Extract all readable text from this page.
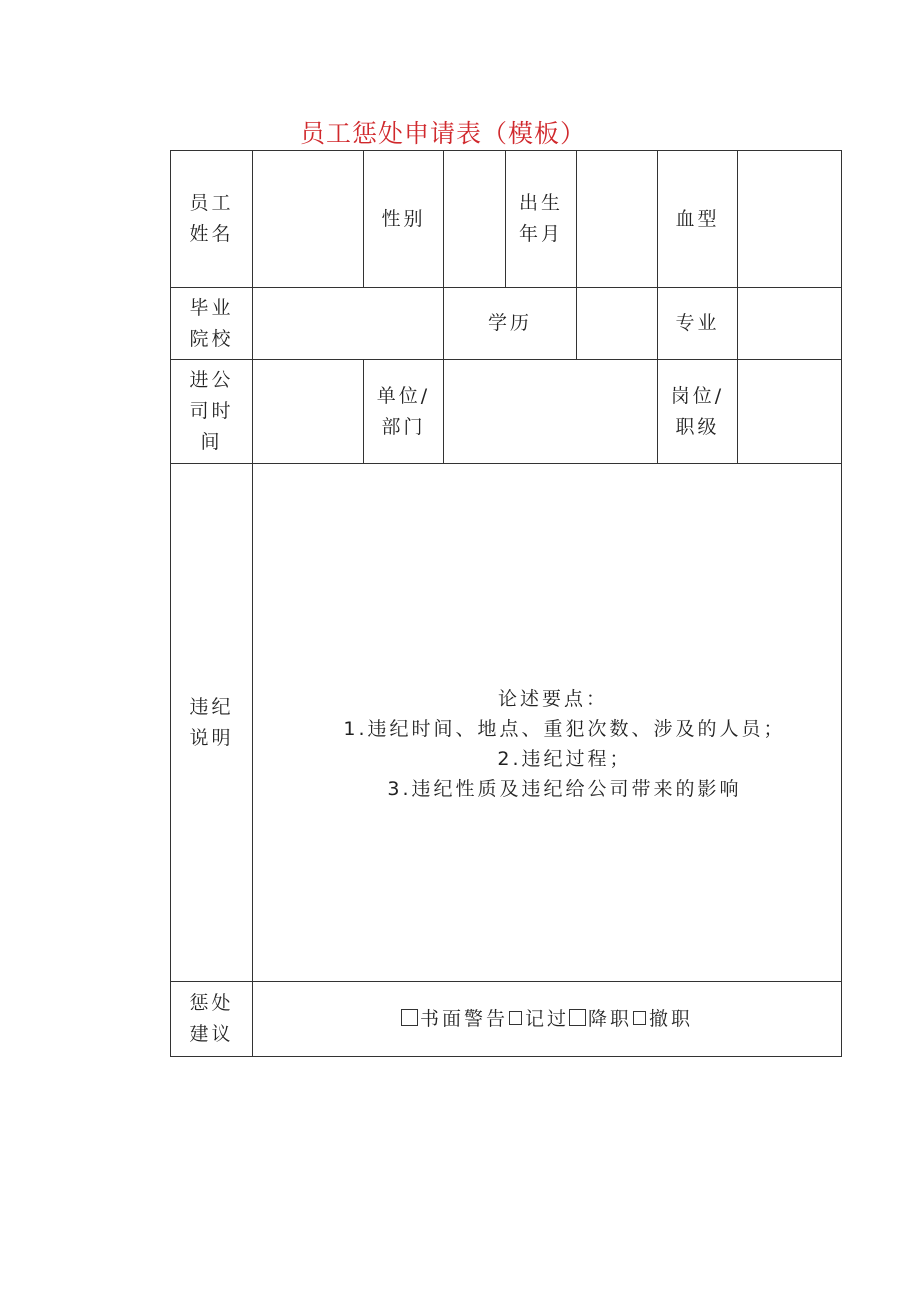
员工惩处申请表（模板）
员工姓名		性别		出生年月		血型	
毕业院校			学历			专业	
进公司时间		单位/部门				岗位/职级	
违纪说明	论述要点：
1.违纪时间、地点、重犯次数、涉及的人员；
2.违纪过程；
3.违纪性质及违纪给公司带来的影响						

惩处建议	书面警告 记过 降职 撤职						
